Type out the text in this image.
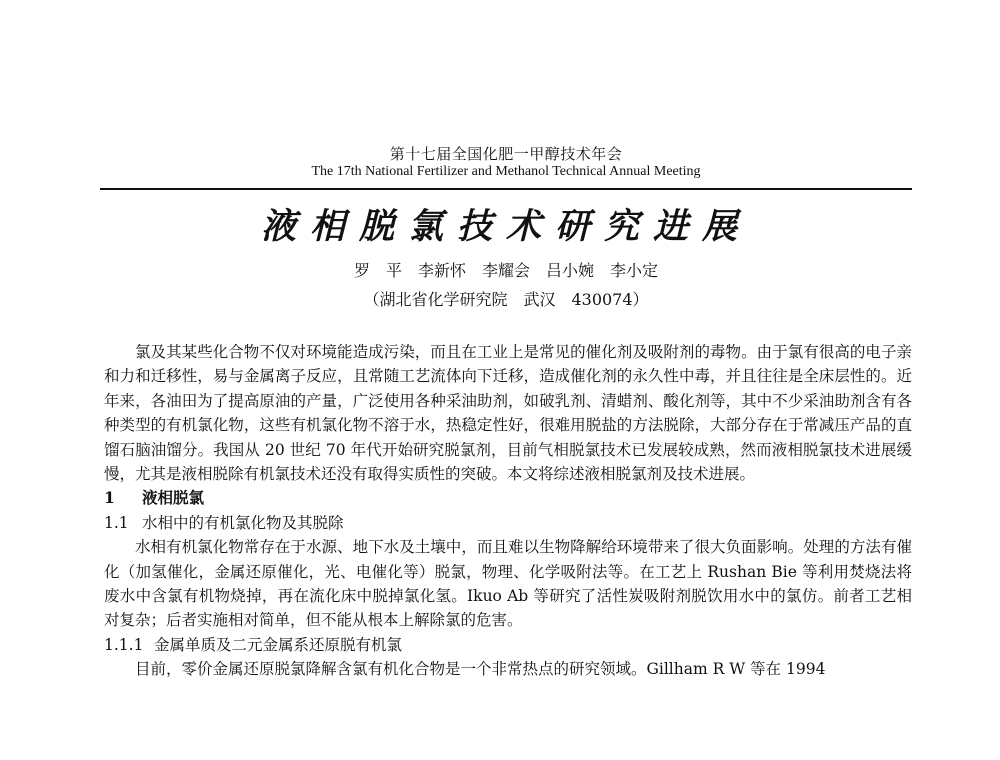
第十七届全国化肥一甲醇技术年会
The 17th National Fertilizer and Methanol Technical Annual Meeting
液相脱氯技术研究进展
罗　平　李新怀　李耀会　吕小婉　李小定
（湖北省化学研究院　武汉　430074）

氯及其某些化合物不仅对环境能造成污染，而且在工业上是常见的催化剂及吸附剂的毒物。由于氯有很高的电子亲和力和迁移性，易与金属离子反应，且常随工艺流体向下迁移，造成催化剂的永久性中毒，并且往往是全床层性的。近年来，各油田为了提高原油的产量，广泛使用各种采油助剂，如破乳剂、清蜡剂、酸化剂等，其中不少采油助剂含有各种类型的有机氯化物，这些有机氯化物不溶于水，热稳定性好，很难用脱盐的方法脱除，大部分存在于常减压产品的直馏石脑油馏分。我国从 20 世纪 70 年代开始研究脱氯剂，目前气相脱氯技术已发展较成熟，然而液相脱氯技术进展缓慢，尤其是液相脱除有机氯技术还没有取得实质性的突破。本文将综述液相脱氯剂及技术进展。

1 液相脱氯

1.1 水相中的有机氯化物及其脱除

水相有机氯化物常存在于水源、地下水及土壤中，而且难以生物降解给环境带来了很大负面影响。处理的方法有催化（加氢催化，金属还原催化，光、电催化等）脱氯，物理、化学吸附法等。在工艺上 Rushan Bie 等利用焚烧法将废水中含氯有机物烧掉，再在流化床中脱掉氯化氢。Ikuo Ab 等研究了活性炭吸附剂脱饮用水中的氯仿。前者工艺相对复杂；后者实施相对简单，但不能从根本上解除氯的危害。

1.1.1 金属单质及二元金属系还原脱有机氯

目前，零价金属还原脱氯降解含氯有机化合物是一个非常热点的研究领域。Gillham R W 等在 1994
